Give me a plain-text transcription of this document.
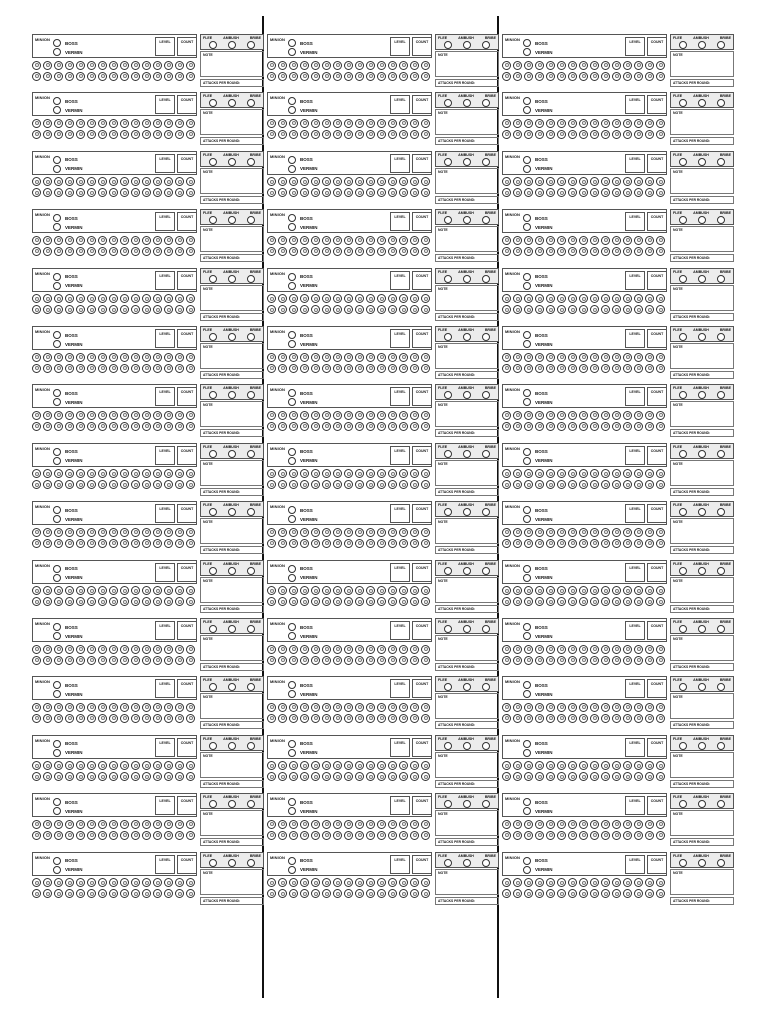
MINION
BOSS
VERMIN
LEVEL	COUNT
FLEE	AMBUSH	BRIBE
NOTE
ATTACKS PER ROUND:
MINION
BOSS
VERMIN
LEVEL	COUNT
FLEE	AMBUSH	BRIBE
NOTE
ATTACKS PER ROUND:
MINION
BOSS
VERMIN
LEVEL	COUNT
FLEE	AMBUSH	BRIBE
NOTE
ATTACKS PER ROUND:
MINION
BOSS
VERMIN
LEVEL	COUNT
FLEE	AMBUSH	BRIBE
NOTE
ATTACKS PER ROUND:
MINION
BOSS
VERMIN
LEVEL	COUNT
FLEE	AMBUSH	BRIBE
NOTE
ATTACKS PER ROUND:
MINION
BOSS
VERMIN
LEVEL	COUNT
FLEE	AMBUSH	BRIBE
NOTE
ATTACKS PER ROUND:
MINION
BOSS
VERMIN
LEVEL	COUNT
FLEE	AMBUSH	BRIBE
NOTE
ATTACKS PER ROUND:
MINION
BOSS
VERMIN
LEVEL	COUNT
FLEE	AMBUSH	BRIBE
NOTE
ATTACKS PER ROUND:
MINION
BOSS
VERMIN
LEVEL	COUNT
FLEE	AMBUSH	BRIBE
NOTE
ATTACKS PER ROUND:
MINION
BOSS
VERMIN
LEVEL	COUNT
FLEE	AMBUSH	BRIBE
NOTE
ATTACKS PER ROUND:
MINION
BOSS
VERMIN
LEVEL	COUNT
FLEE	AMBUSH	BRIBE
NOTE
ATTACKS PER ROUND:
MINION
BOSS
VERMIN
LEVEL	COUNT
FLEE	AMBUSH	BRIBE
NOTE
ATTACKS PER ROUND:
MINION
BOSS
VERMIN
LEVEL	COUNT
FLEE	AMBUSH	BRIBE
NOTE
ATTACKS PER ROUND:
MINION
BOSS
VERMIN
LEVEL	COUNT
FLEE	AMBUSH	BRIBE
NOTE
ATTACKS PER ROUND:
MINION
BOSS
VERMIN
LEVEL	COUNT
FLEE	AMBUSH	BRIBE
NOTE
ATTACKS PER ROUND:
MINION
BOSS
VERMIN
LEVEL	COUNT
FLEE	AMBUSH	BRIBE
NOTE
ATTACKS PER ROUND:
MINION
BOSS
VERMIN
LEVEL	COUNT
FLEE	AMBUSH	BRIBE
NOTE
ATTACKS PER ROUND:
MINION
BOSS
VERMIN
LEVEL	COUNT
FLEE	AMBUSH	BRIBE
NOTE
ATTACKS PER ROUND:
MINION
BOSS
VERMIN
LEVEL	COUNT
FLEE	AMBUSH	BRIBE
NOTE
ATTACKS PER ROUND:
MINION
BOSS
VERMIN
LEVEL	COUNT
FLEE	AMBUSH	BRIBE
NOTE
ATTACKS PER ROUND:
MINION
BOSS
VERMIN
LEVEL	COUNT
FLEE	AMBUSH	BRIBE
NOTE
ATTACKS PER ROUND:
MINION
BOSS
VERMIN
LEVEL	COUNT
FLEE	AMBUSH	BRIBE
NOTE
ATTACKS PER ROUND:
MINION
BOSS
VERMIN
LEVEL	COUNT
FLEE	AMBUSH	BRIBE
NOTE
ATTACKS PER ROUND:
MINION
BOSS
VERMIN
LEVEL	COUNT
FLEE	AMBUSH	BRIBE
NOTE
ATTACKS PER ROUND:
MINION
BOSS
VERMIN
LEVEL	COUNT
FLEE	AMBUSH	BRIBE
NOTE
ATTACKS PER ROUND:
MINION
BOSS
VERMIN
LEVEL	COUNT
FLEE	AMBUSH	BRIBE
NOTE
ATTACKS PER ROUND:
MINION
BOSS
VERMIN
LEVEL	COUNT
FLEE	AMBUSH	BRIBE
NOTE
ATTACKS PER ROUND:
MINION
BOSS
VERMIN
LEVEL	COUNT
FLEE	AMBUSH	BRIBE
NOTE
ATTACKS PER ROUND:
MINION
BOSS
VERMIN
LEVEL	COUNT
FLEE	AMBUSH	BRIBE
NOTE
ATTACKS PER ROUND:
MINION
BOSS
VERMIN
LEVEL	COUNT
FLEE	AMBUSH	BRIBE
NOTE
ATTACKS PER ROUND:
MINION
BOSS
VERMIN
LEVEL	COUNT
FLEE	AMBUSH	BRIBE
NOTE
ATTACKS PER ROUND:
MINION
BOSS
VERMIN
LEVEL	COUNT
FLEE	AMBUSH	BRIBE
NOTE
ATTACKS PER ROUND:
MINION
BOSS
VERMIN
LEVEL	COUNT
FLEE	AMBUSH	BRIBE
NOTE
ATTACKS PER ROUND:
MINION
BOSS
VERMIN
LEVEL	COUNT
FLEE	AMBUSH	BRIBE
NOTE
ATTACKS PER ROUND:
MINION
BOSS
VERMIN
LEVEL	COUNT
FLEE	AMBUSH	BRIBE
NOTE
ATTACKS PER ROUND:
MINION
BOSS
VERMIN
LEVEL	COUNT
FLEE	AMBUSH	BRIBE
NOTE
ATTACKS PER ROUND:
MINION
BOSS
VERMIN
LEVEL	COUNT
FLEE	AMBUSH	BRIBE
NOTE
ATTACKS PER ROUND:
MINION
BOSS
VERMIN
LEVEL	COUNT
FLEE	AMBUSH	BRIBE
NOTE
ATTACKS PER ROUND:
MINION
BOSS
VERMIN
LEVEL	COUNT
FLEE	AMBUSH	BRIBE
NOTE
ATTACKS PER ROUND:
MINION
BOSS
VERMIN
LEVEL	COUNT
FLEE	AMBUSH	BRIBE
NOTE
ATTACKS PER ROUND:
MINION
BOSS
VERMIN
LEVEL	COUNT
FLEE	AMBUSH	BRIBE
NOTE
ATTACKS PER ROUND:
MINION
BOSS
VERMIN
LEVEL	COUNT
FLEE	AMBUSH	BRIBE
NOTE
ATTACKS PER ROUND:
MINION
BOSS
VERMIN
LEVEL	COUNT
FLEE	AMBUSH	BRIBE
NOTE
ATTACKS PER ROUND:
MINION
BOSS
VERMIN
LEVEL	COUNT
FLEE	AMBUSH	BRIBE
NOTE
ATTACKS PER ROUND:
MINION
BOSS
VERMIN
LEVEL	COUNT
FLEE	AMBUSH	BRIBE
NOTE
ATTACKS PER ROUND:
